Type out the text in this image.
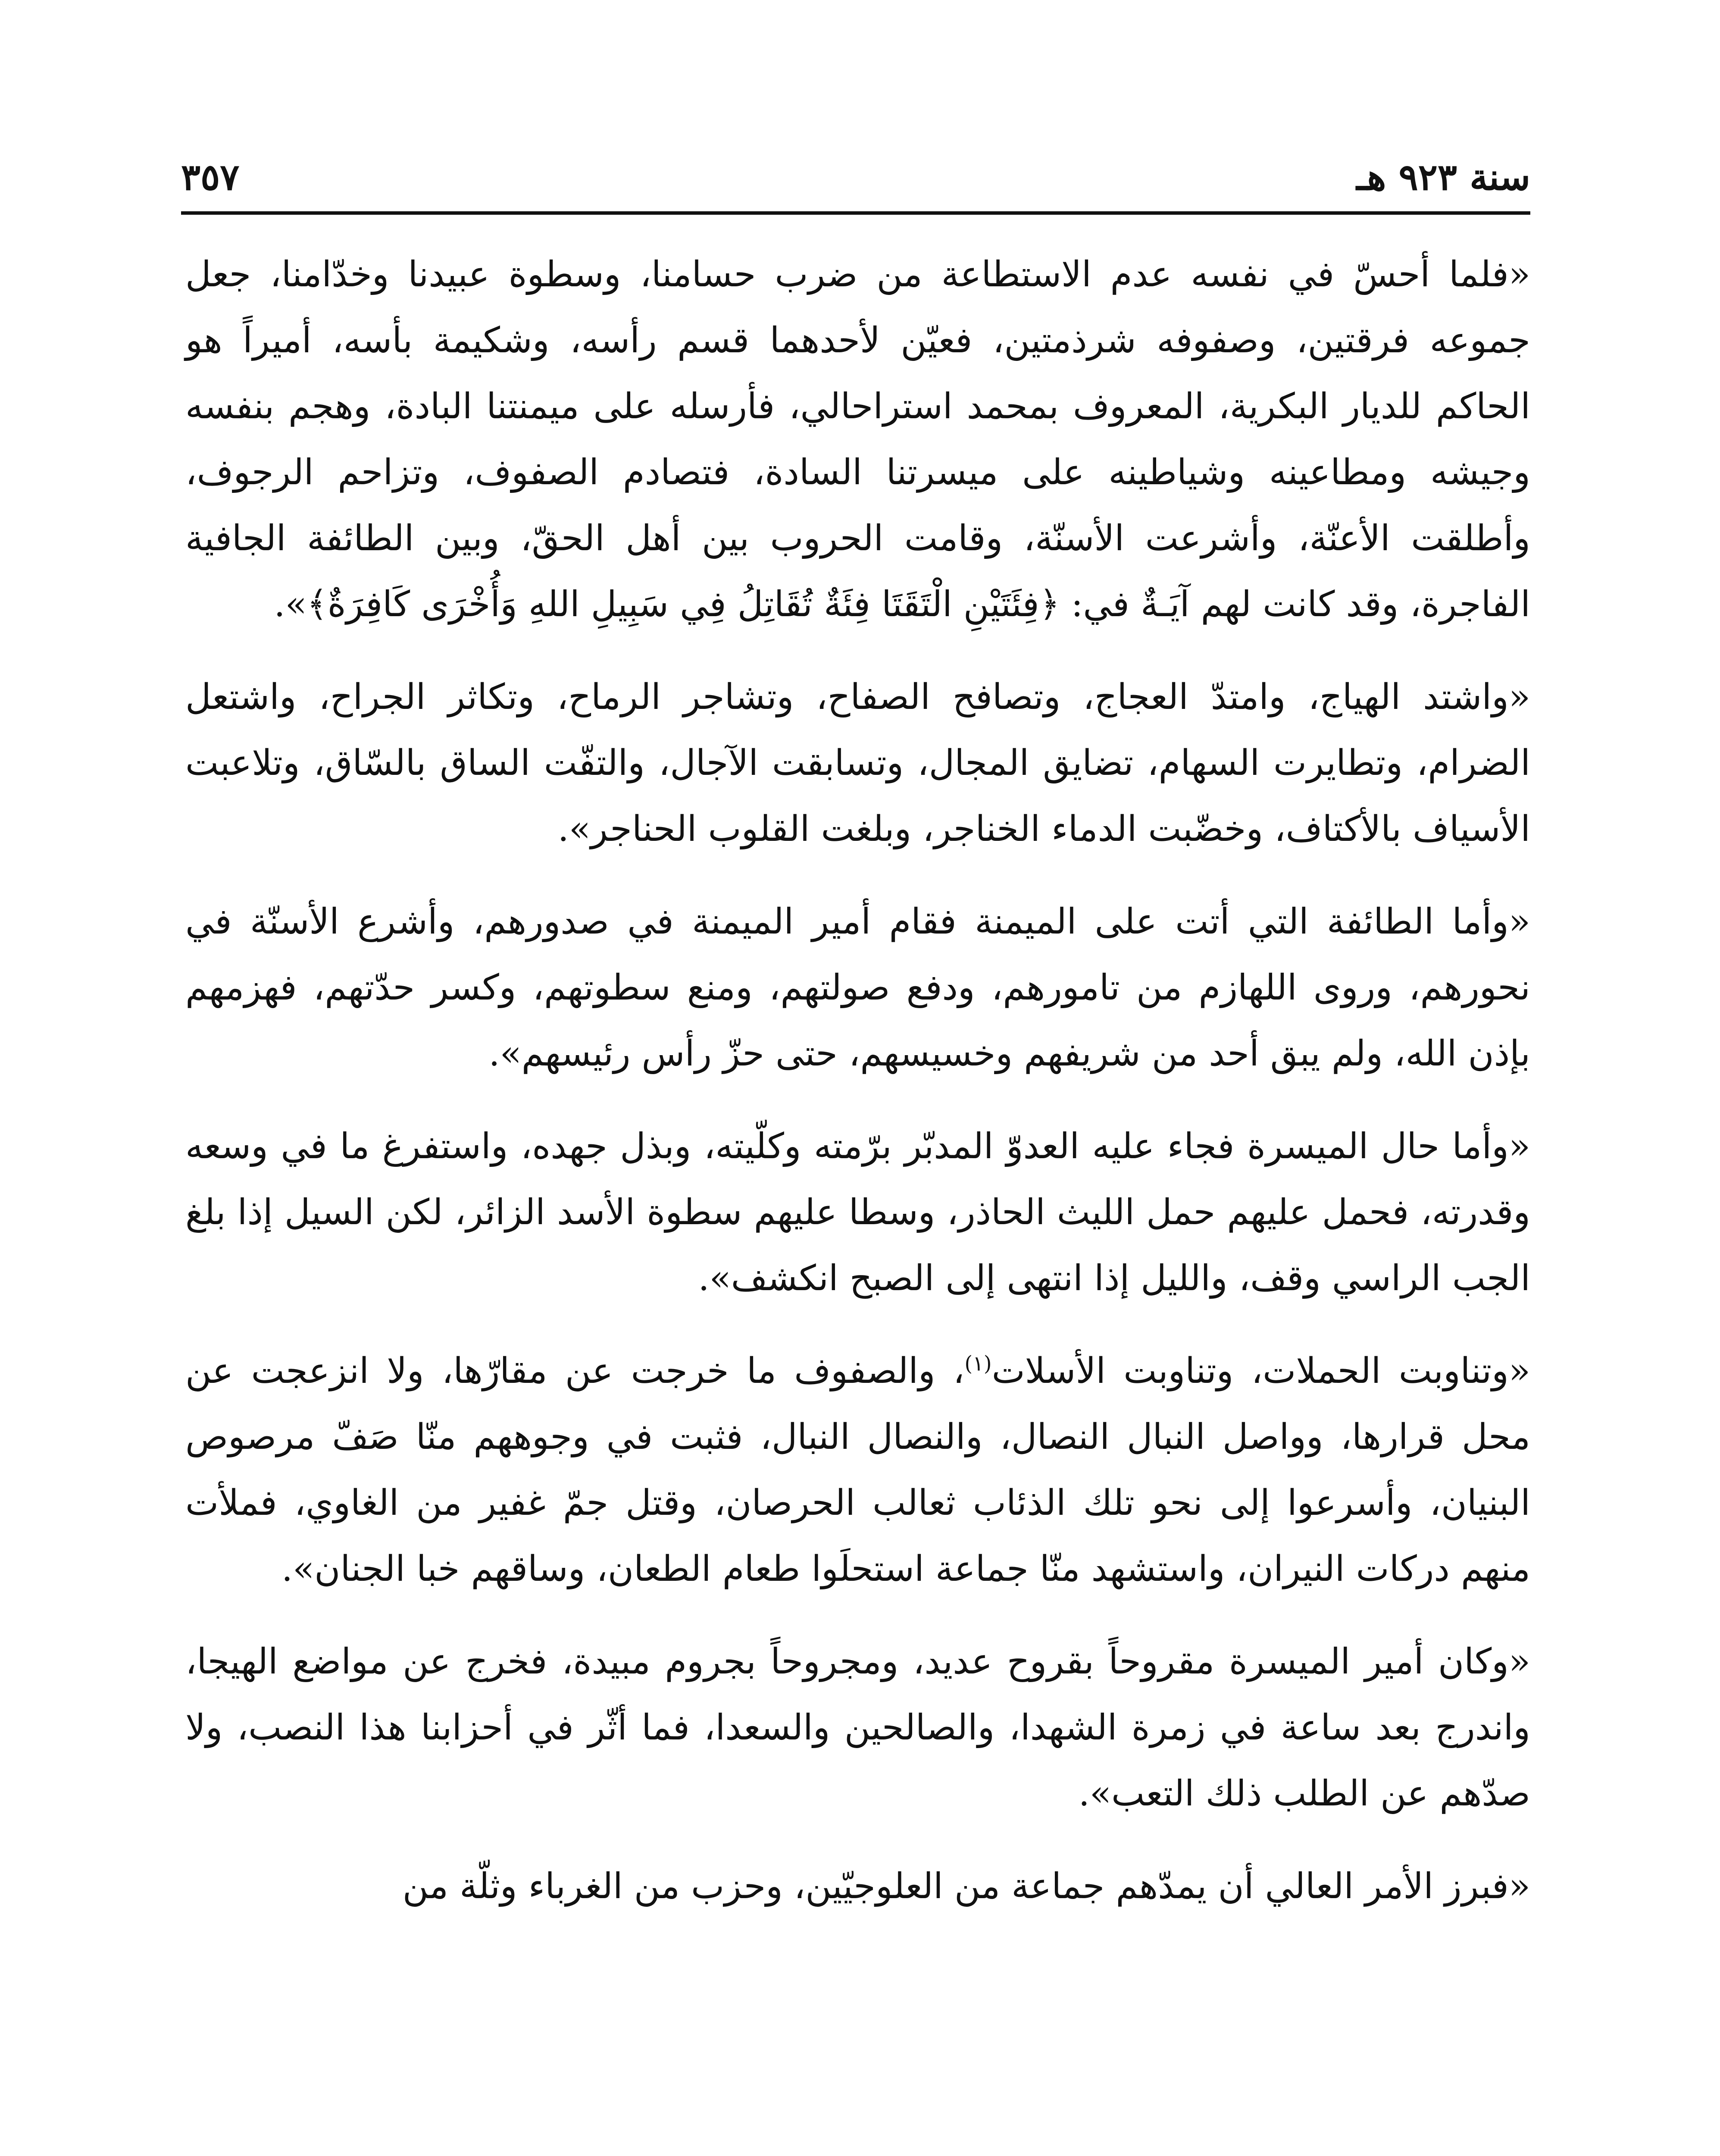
سنة ٩٢٣ هـ
٣٥٧

«فلما أحسّ في نفسه عدم الاستطاعة من ضرب حسامنا، وسطوة عبيدنا وخدّامنا، جعل جموعه فرقتين، وصفوفه شرذمتين، فعيّن لأحدهما قسم رأسه، وشكيمة بأسه، أميراً هو الحاكم للديار البكرية، المعروف بمحمد استراحالي، فأرسله على ميمنتنا البادة، وهجم بنفسه وجيشه ومطاعينه وشياطينه على ميسرتنا السادة، فتصادم الصفوف، وتزاحم الرجوف، وأطلقت الأعنّة، وأشرعت الأسنّة، وقامت الحروب بين أهل الحقّ، وبين الطائفة الجافية الفاجرة، وقد كانت لهم آيَـةٌ في: ﴿فِئَتَيْنِ الْتَقَتَا فِئَةٌ تُقَاتِلُ فِي سَبِيلِ اللهِ وَأُخْرَى كَافِرَةٌ﴾».

«واشتد الهياج، وامتدّ العجاج، وتصافح الصفاح، وتشاجر الرماح، وتكاثر الجراح، واشتعل الضرام، وتطايرت السهام، تضايق المجال، وتسابقت الآجال، والتفّت الساق بالسّاق، وتلاعبت الأسياف بالأكتاف، وخضّبت الدماء الخناجر، وبلغت القلوب الحناجر».

«وأما الطائفة التي أتت على الميمنة فقام أمير الميمنة في صدورهم، وأشرع الأسنّة في نحورهم، وروى اللهازم من تامورهم، ودفع صولتهم، ومنع سطوتهم، وكسر حدّتهم، فهزمهم بإذن الله، ولم يبق أحد من شريفهم وخسيسهم، حتى حزّ رأس رئيسهم».

«وأما حال الميسرة فجاء عليه العدوّ المدبّر برّمته وكلّيته، وبذل جهده، واستفرغ ما في وسعه وقدرته، فحمل عليهم حمل الليث الحاذر، وسطا عليهم سطوة الأسد الزائر، لكن السيل إذا بلغ الجب الراسي وقف، والليل إذا انتهى إلى الصبح انكشف».

«وتناوبت الحملات، وتناوبت الأسلات$^{(١)}$، والصفوف ما خرجت عن مقارّها، ولا انزعجت عن محل قرارها، وواصل النبال النصال، والنصال النبال، فثبت في وجوههم منّا صَفّ مرصوص البنيان، وأسرعوا إلى نحو تلك الذئاب ثعالب الحرصان، وقتل جمّ غفير من الغاوي، فملأت منهم دركات النيران، واستشهد منّا جماعة استحلَوا طعام الطعان، وساقهم خبا الجنان».

«وكان أمير الميسرة مقروحاً بقروح عديد، ومجروحاً بجروم مبيدة، فخرج عن مواضع الهيجا، واندرج بعد ساعة في زمرة الشهدا، والصالحين والسعدا، فما أثّر في أحزابنا هذا النصب، ولا صدّهم عن الطلب ذلك التعب».

«فبرز الأمر العالي أن يمدّهم جماعة من العلوجيّين، وحزب من الغرباء وثلّة من
